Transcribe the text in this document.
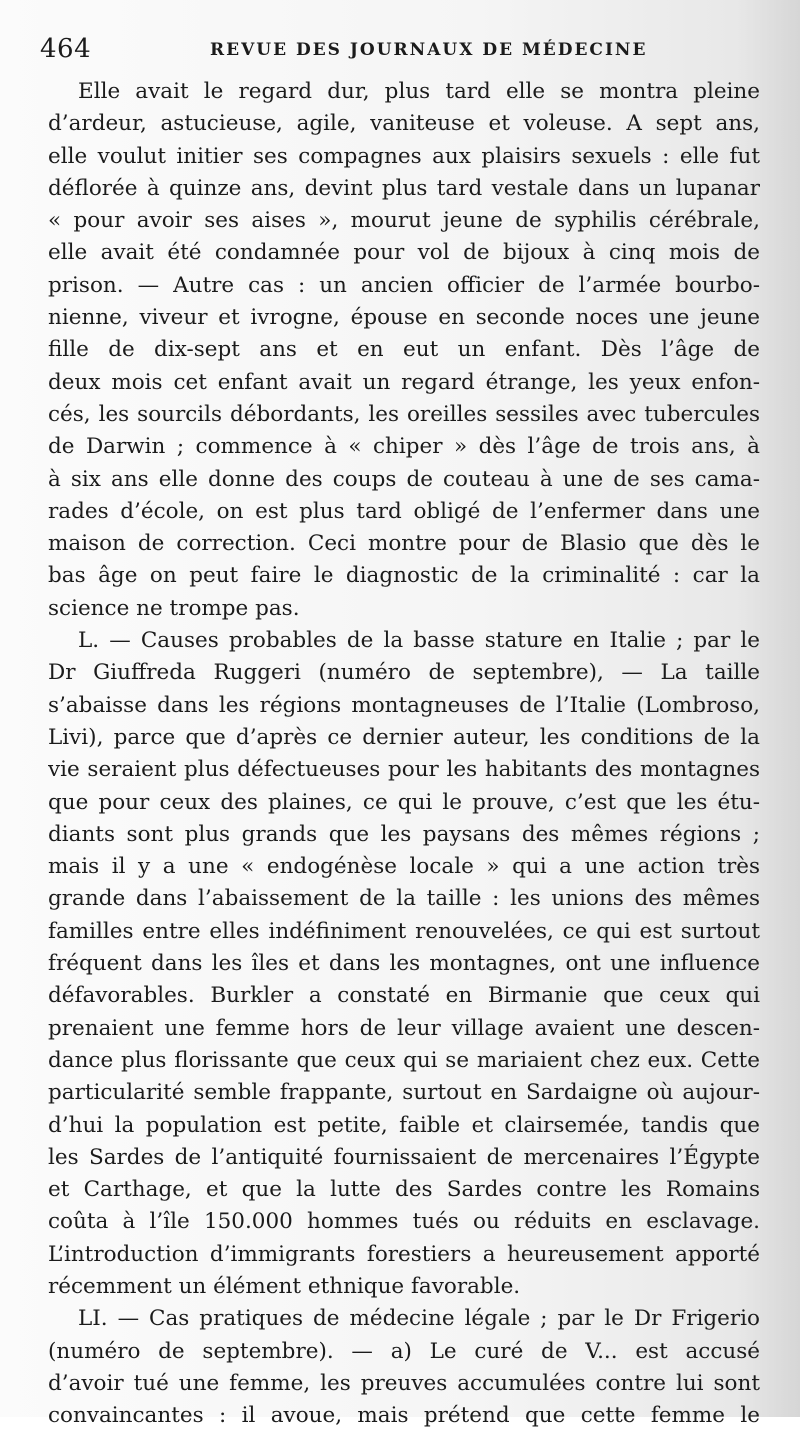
464	REVUE DES JOURNAUX DE MÉDECINE
Elle avait le regard dur, plus tard elle se montra pleine
d’ardeur, astucieuse, agile, vaniteuse et voleuse. A sept ans,
elle voulut initier ses compagnes aux plaisirs sexuels : elle fut
déflorée à quinze ans, devint plus tard vestale dans un lupanar
« pour avoir ses aises », mourut jeune de syphilis cérébrale,
elle avait été condamnée pour vol de bijoux à cinq mois de
prison. — Autre cas : un ancien officier de l’armée bourbo-
nienne, viveur et ivrogne, épouse en seconde noces une jeune
fille de dix-sept ans et en eut un enfant. Dès l’âge de
deux mois cet enfant avait un regard étrange, les yeux enfon-
cés, les sourcils débordants, les oreilles sessiles avec tubercules
de Darwin ; commence à « chiper » dès l’âge de trois ans, à
à six ans elle donne des coups de couteau à une de ses cama-
rades d’école, on est plus tard obligé de l’enfermer dans une
maison de correction. Ceci montre pour de Blasio que dès le
bas âge on peut faire le diagnostic de la criminalité : car la
science ne trompe pas.
L. — Causes probables de la basse stature en Italie ; par le
Dr Giuffreda Ruggeri (numéro de septembre), — La taille
s’abaisse dans les régions montagneuses de l’Italie (Lombroso,
Livi), parce que d’après ce dernier auteur, les conditions de la
vie seraient plus défectueuses pour les habitants des montagnes
que pour ceux des plaines, ce qui le prouve, c’est que les étu-
diants sont plus grands que les paysans des mêmes régions ;
mais il y a une « endogénèse locale » qui a une action très
grande dans l’abaissement de la taille : les unions des mêmes
familles entre elles indéfiniment renouvelées, ce qui est surtout
fréquent dans les îles et dans les montagnes, ont une influence
défavorables. Burkler a constaté en Birmanie que ceux qui
prenaient une femme hors de leur village avaient une descen-
dance plus florissante que ceux qui se mariaient chez eux. Cette
particularité semble frappante, surtout en Sardaigne où aujour-
d’hui la population est petite, faible et clairsemée, tandis que
les Sardes de l’antiquité fournissaient de mercenaires l’Égypte
et Carthage, et que la lutte des Sardes contre les Romains
coûta à l’île 150.000 hommes tués ou réduits en esclavage.
L’introduction d’immigrants forestiers a heureusement apporté
récemment un élément ethnique favorable.
LI. — Cas pratiques de médecine légale ; par le Dr Frigerio
(numéro de septembre). — a) Le curé de V... est accusé
d’avoir tué une femme, les preuves accumulées contre lui sont
convaincantes : il avoue, mais prétend que cette femme le
